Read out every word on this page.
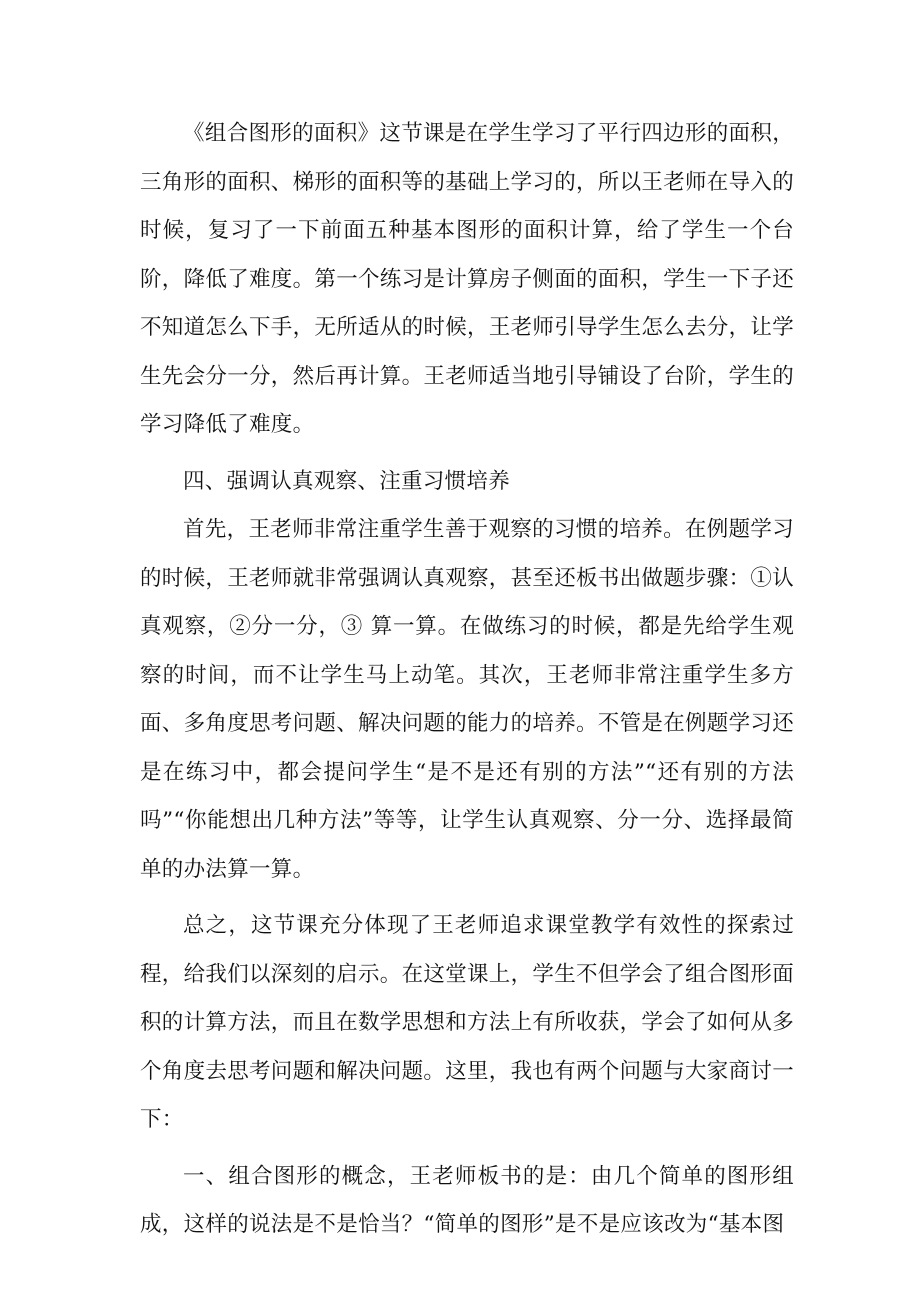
《组合图形的面积》这节课是在学生学习了平行四边形的面积，三角形的面积、梯形的面积等的基础上学习的，所以王老师在导入的时候，复习了一下前面五种基本图形的面积计算，给了学生一个台阶，降低了难度。第一个练习是计算房子侧面的面积，学生一下子还不知道怎么下手，无所适从的时候，王老师引导学生怎么去分，让学生先会分一分，然后再计算。王老师适当地引导铺设了台阶，学生的学习降低了难度。

四、强调认真观察、注重习惯培养

首先，王老师非常注重学生善于观察的习惯的培养。在例题学习的时候，王老师就非常强调认真观察，甚至还板书出做题步骤：①认真观察，②分一分，③ 算一算。在做练习的时候，都是先给学生观察的时间，而不让学生马上动笔。其次，王老师非常注重学生多方面、多角度思考问题、解决问题的能力的培养。不管是在例题学习还是在练习中，都会提问学生“是不是还有别的方法”“还有别的方法吗”“你能想出几种方法”等等，让学生认真观察、分一分、选择最简单的办法算一算。

总之，这节课充分体现了王老师追求课堂教学有效性的探索过程，给我们以深刻的启示。在这堂课上，学生不但学会了组合图形面积的计算方法，而且在数学思想和方法上有所收获，学会了如何从多个角度去思考问题和解决问题。这里，我也有两个问题与大家商讨一下：

一、组合图形的概念，王老师板书的是：由几个简单的图形组成，这样的说法是不是恰当？“简单的图形”是不是应该改为“基本图
